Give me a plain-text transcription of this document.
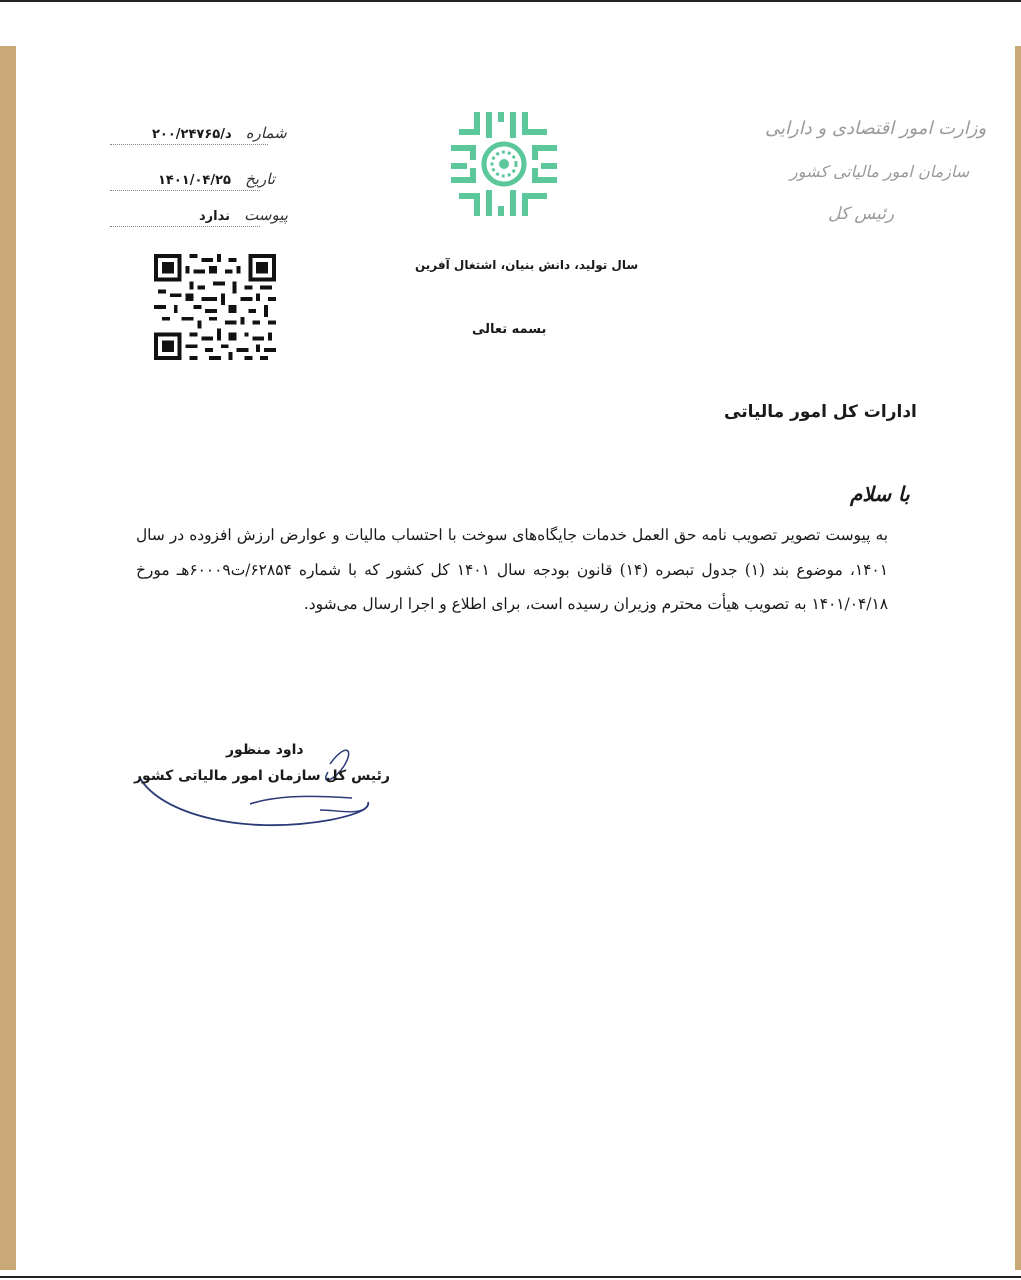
وزارت امور اقتصادی و دارایی
سازمان امور مالیاتی کشور
رئیس کل
شماره د/۲۰۰/۲۴۷۶۵
تاریخ ۱۴۰۱/۰۴/۲۵
پیوست ندارد
سال تولید، دانش بنیان، اشتغال آفرین
بسمه تعالی
ادارات کل امور مالیاتی
با سلام
به پیوست تصویر تصویب نامه حق العمل خدمات جایگاه‌های سوخت با احتساب مالیات و عوارض ارزش افزوده در سال ۱۴۰۱، موضوع بند (۱) جدول تبصره (۱۴) قانون بودجه سال ۱۴۰۱ کل کشور که با شماره ۶۲۸۵۴/ت۶۰۰۰۹هـ مورخ ۱۴۰۱/۰۴/۱۸ به تصویب هیأت محترم وزیران رسیده است، برای اطلاع و اجرا ارسال می‌شود.
داود منظور
رئیس کل سازمان امور مالیاتی کشور
